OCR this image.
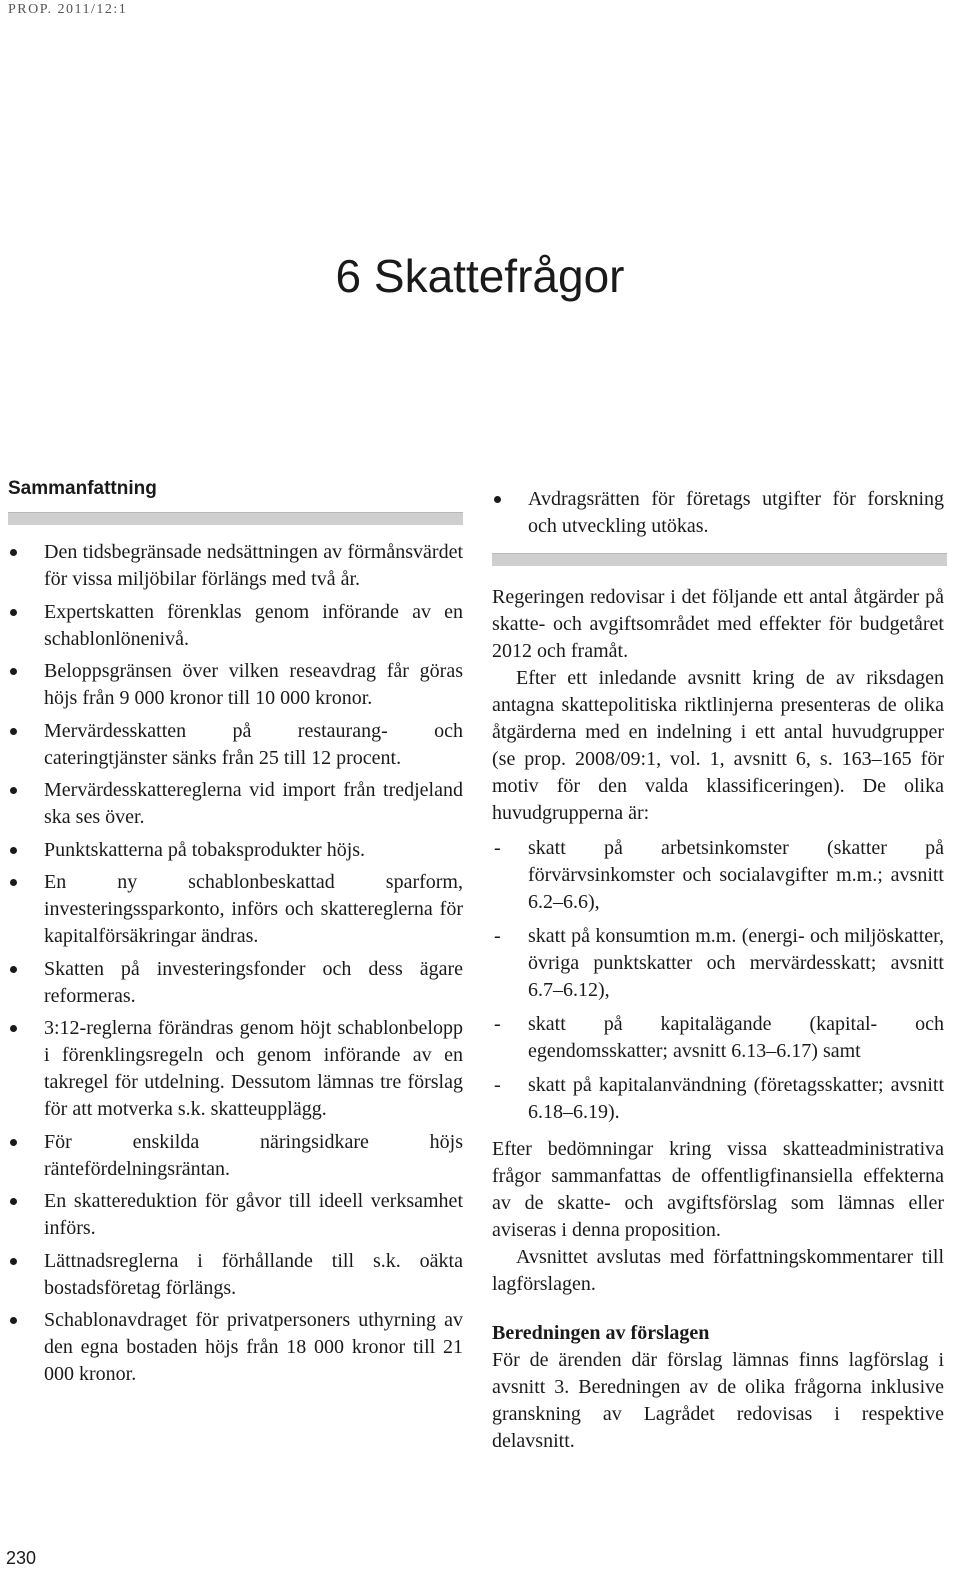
PROP. 2011/12:1
6 Skattefrågor
Sammanfattning
Den tidsbegränsade nedsättningen av förmånsvärdet för vissa miljöbilar förlängs med två år.
Expertskatten förenklas genom införande av en schablonlönenivå.
Beloppsgränsen över vilken reseavdrag får göras höjs från 9 000 kronor till 10 000 kronor.
Mervärdesskatten på restaurang- och cateringtjänster sänks från 25 till 12 procent.
Mervärdesskattereglerna vid import från tredjeland ska ses över.
Punktskatterna på tobaksprodukter höjs.
En ny schablonbeskattad sparform, investeringssparkonto, införs och skattereglerna för kapitalförsäkringar ändras.
Skatten på investeringsfonder och dess ägare reformeras.
3:12-reglerna förändras genom höjt schablonbelopp i förenklingsregeln och genom införande av en takregel för utdelning. Dessutom lämnas tre förslag för att motverka s.k. skatteupplägg.
För enskilda näringsidkare höjs räntefördelningsräntan.
En skattereduktion för gåvor till ideell verksamhet införs.
Lättnadsreglerna i förhållande till s.k. oäkta bostadsföretag förlängs.
Schablonavdraget för privatpersoners uthyrning av den egna bostaden höjs från 18 000 kronor till 21 000 kronor.
Avdragsrätten för företags utgifter för forskning och utveckling utökas.

Regeringen redovisar i det följande ett antal åtgärder på skatte- och avgiftsområdet med effekter för budgetåret 2012 och framåt.

Efter ett inledande avsnitt kring de av riksdagen antagna skattepolitiska riktlinjerna presenteras de olika åtgärderna med en indelning i ett antal huvudgrupper (se prop. 2008/09:1, vol. 1, avsnitt 6, s. 163–165 för motiv för den valda klassificeringen). De olika huvudgrupperna är:

- skatt på arbetsinkomster (skatter på förvärvsinkomster och socialavgifter m.m.; avsnitt 6.2–6.6),
- skatt på konsumtion m.m. (energi- och miljöskatter, övriga punktskatter och mervärdesskatt; avsnitt 6.7–6.12),
- skatt på kapitalägande (kapital- och egendomsskatter; avsnitt 6.13–6.17) samt
- skatt på kapitalanvändning (företagsskatter; avsnitt 6.18–6.19).

Efter bedömningar kring vissa skatteadministrativa frågor sammanfattas de offentligfinansiella effekterna av de skatte- och avgiftsförslag som lämnas eller aviseras i denna proposition.

Avsnittet avslutas med författningskommentarer till lagförslagen.

Beredningen av förslagen

För de ärenden där förslag lämnas finns lagförslag i avsnitt 3. Beredningen av de olika frågorna inklusive granskning av Lagrådet redovisas i respektive delavsnitt.

230
